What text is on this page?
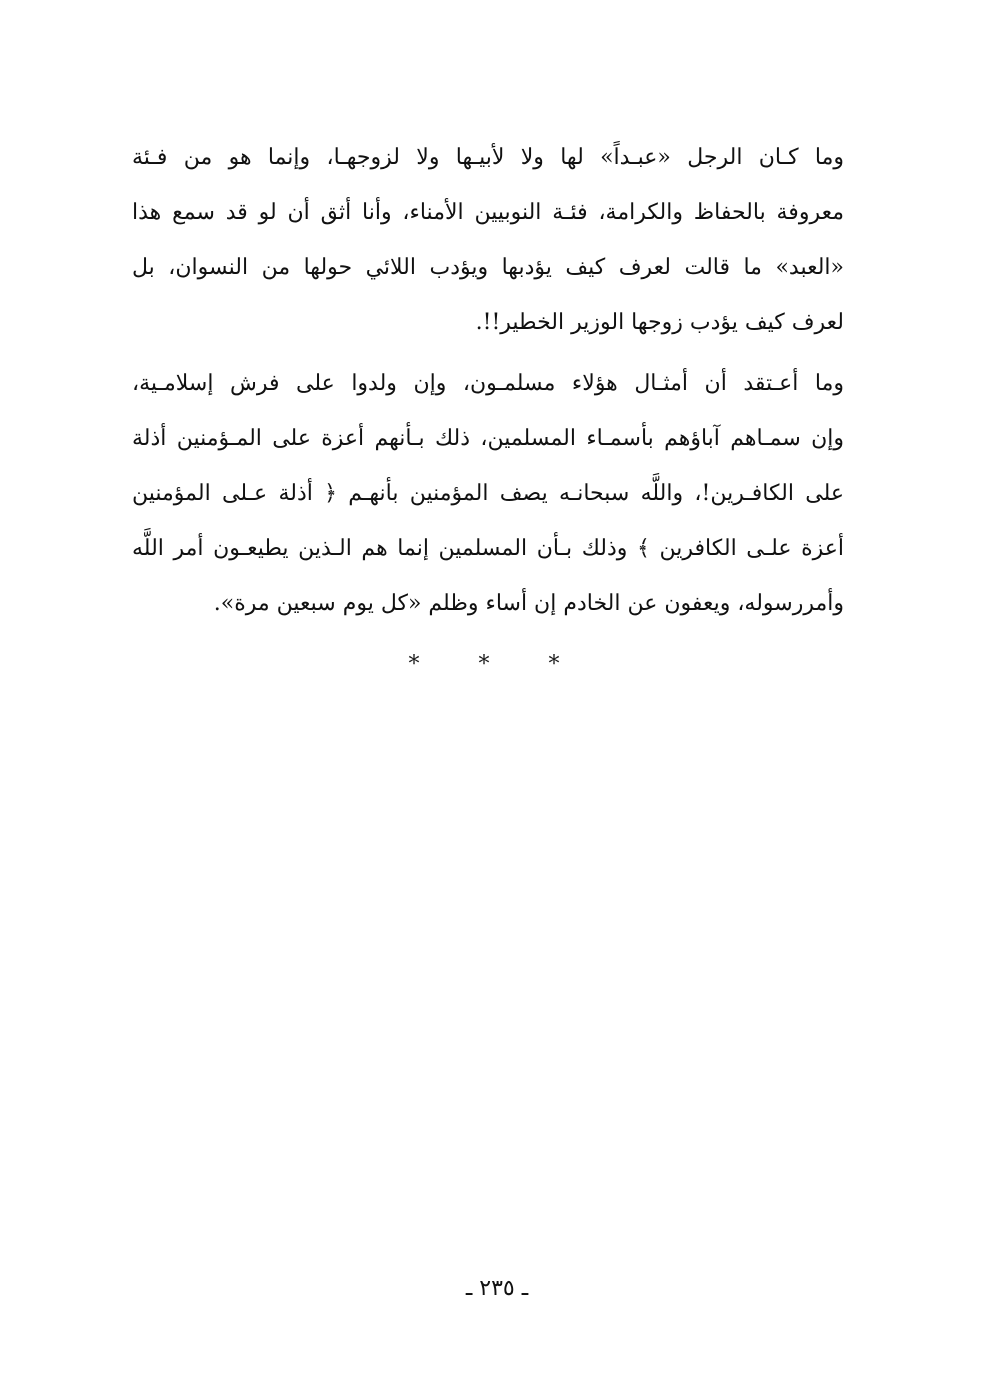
وما كـان الرجل «عبـداً» لها ولا لأبيـها ولا لزوجهـا، وإنما هو من فـئة
معروفة بالحفاظ والكرامة، فئـة النوبيين الأمناء، وأنا أثق أن لو قد سمع هذا
«العبد» ما قالت لعرف كيف يؤدبها ويؤدب اللائي حولها من النسوان، بل
لعرف كيف يؤدب زوجها الوزير الخطير!!.
وما أعـتقد أن أمثـال هؤلاء مسلمـون، وإن ولدوا على فرش إسلامـية،
وإن سمـاهم آباؤهم بأسمـاء المسلمين، ذلك بـأنهم أعزة على المـؤمنين أذلة
على الكافـرين!، واللَّه سبحانـه يصف المؤمنين بأنهـم ﴿ أذلة عـلى المؤمنين
أعزة علـى الكافرين ﴾ وذلك بـأن المسلمين إنما هم الـذين يطيعـون أمر اللَّه
وأمررسوله، ويعفون عن الخادم إن أساء وظلم «كل يوم سبعين مرة».
* * *
ـ ٢٣٥ ـ
